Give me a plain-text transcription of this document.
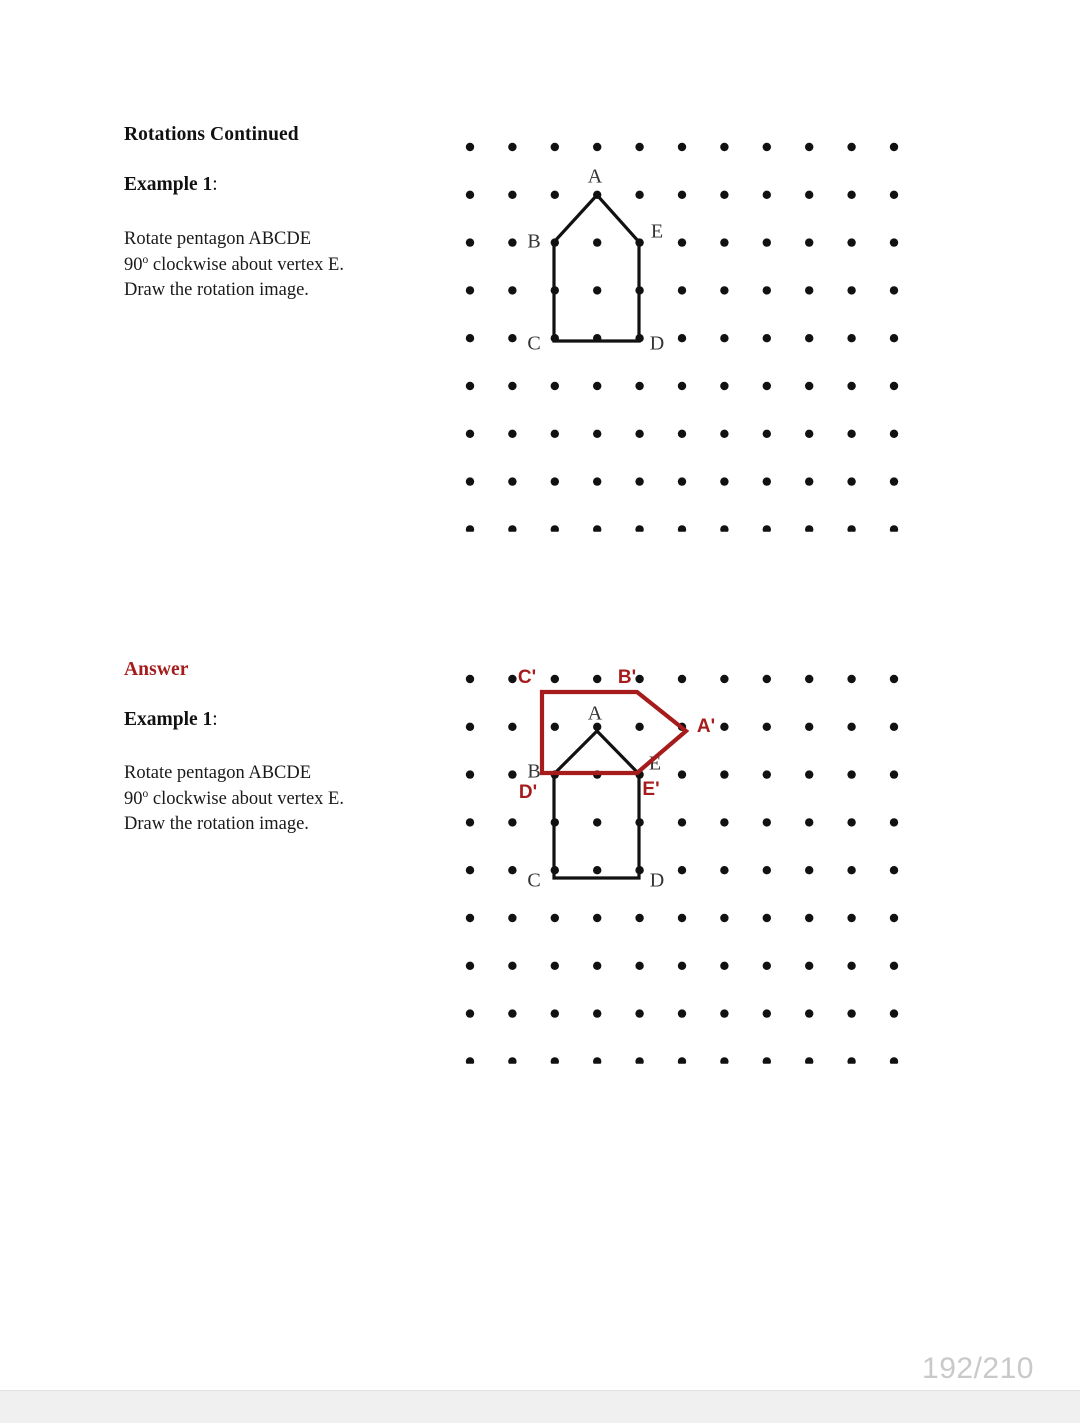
Rotations Continued
Example 1:
Rotate pentagon ABCDE
90$^o$ clockwise about vertex E.
Draw the rotation image.
Answer
Example 1:
Rotate pentagon ABCDE
90$^o$ clockwise about vertex E.
Draw the rotation image.
A
B
C	D
E
A
B
C	D
E
C'	B'
A'
E'
D'
192/210
